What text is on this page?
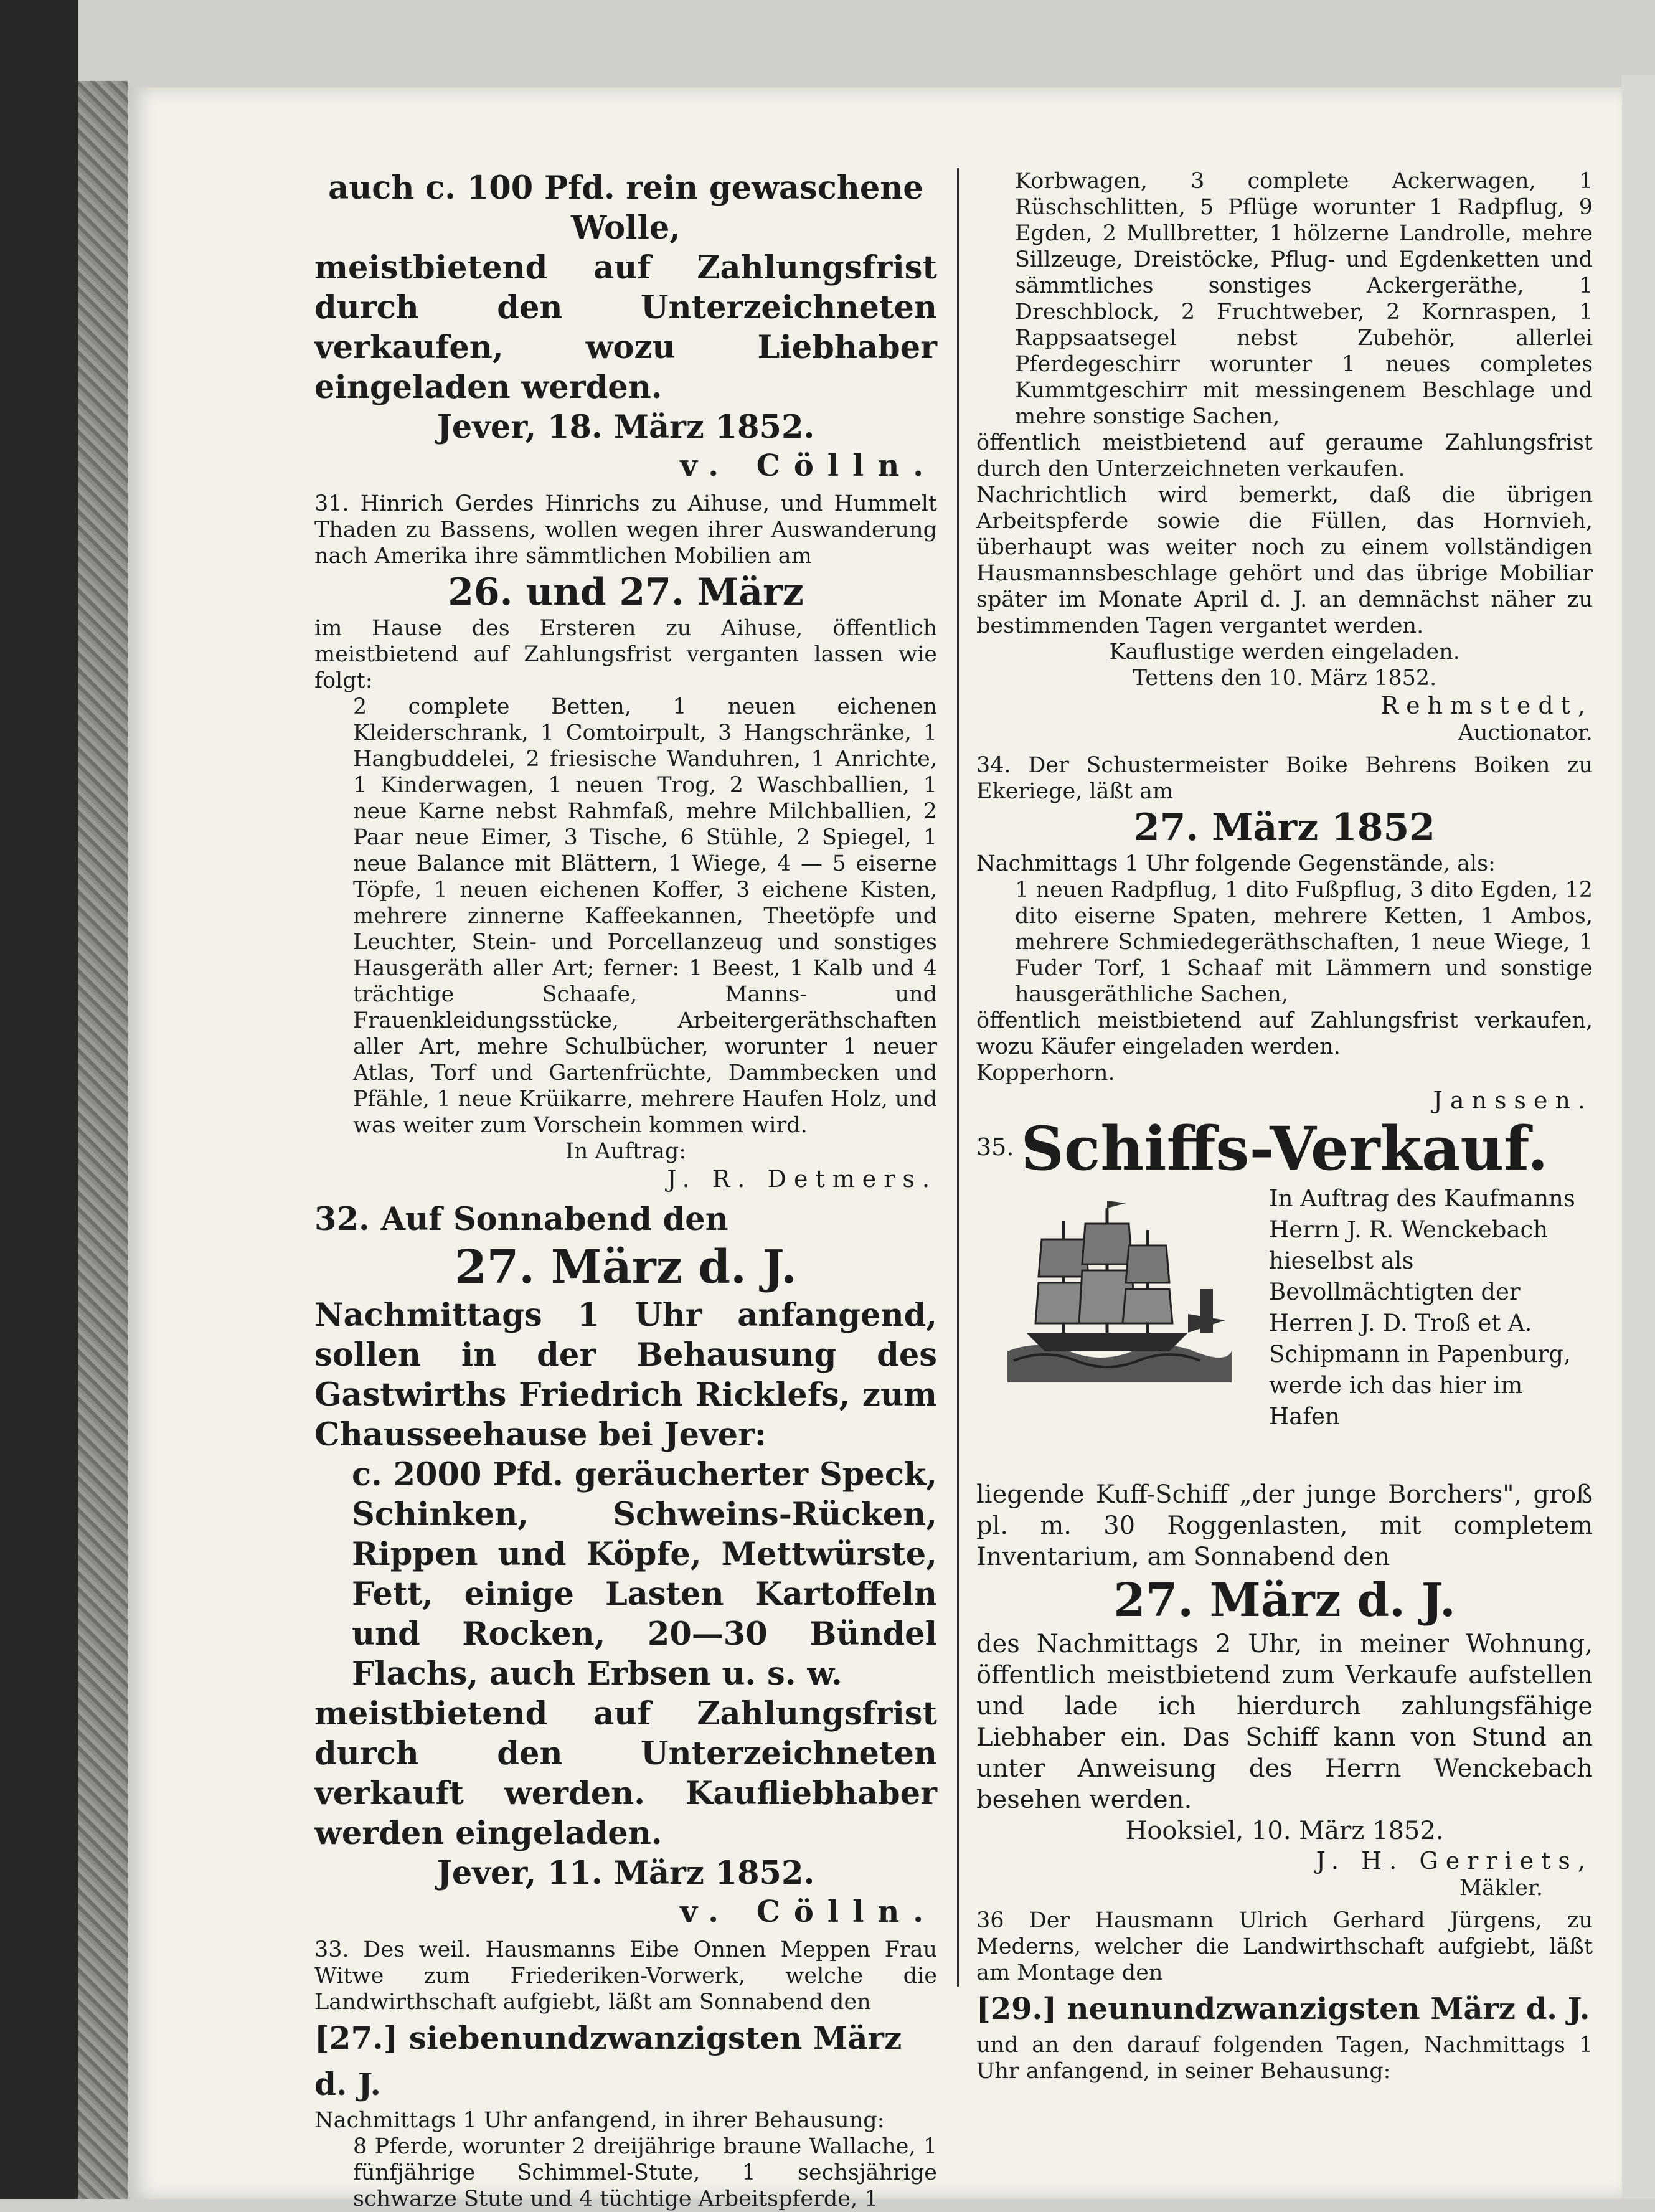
auch c. 100 Pfd. rein gewaschene Wolle,

meistbietend auf Zahlungsfrist durch den Unterzeichneten verkaufen, wozu Liebhaber eingeladen werden.

Jever, 18. März 1852.

v. Cölln.

31. Hinrich Gerdes Hinrichs zu Aihuse, und Hummelt Thaden zu Bassens, wollen wegen ihrer Auswanderung nach Amerika ihre sämmtlichen Mobilien am

26. und 27. März

im Hause des Ersteren zu Aihuse, öffentlich meistbietend auf Zahlungsfrist verganten lassen wie folgt:

2 complete Betten, 1 neuen eichenen Kleiderschrank, 1 Comtoirpult, 3 Hangschränke, 1 Hangbuddelei, 2 friesische Wanduhren, 1 Anrichte, 1 Kinderwagen, 1 neuen Trog, 2 Waschballien, 1 neue Karne nebst Rahmfaß, mehre Milchballien, 2 Paar neue Eimer, 3 Tische, 6 Stühle, 2 Spiegel, 1 neue Balance mit Blättern, 1 Wiege, 4 — 5 eiserne Töpfe, 1 neuen eichenen Koffer, 3 eichene Kisten, mehrere zinnerne Kaffeekannen, Theetöpfe und Leuchter, Stein- und Porcellanzeug und sonstiges Hausgeräth aller Art; ferner: 1 Beest, 1 Kalb und 4 trächtige Schaafe, Manns- und Frauenkleidungsstücke, Arbeitergeräthschaften aller Art, mehre Schulbücher, worunter 1 neuer Atlas, Torf und Gartenfrüchte, Dammbecken und Pfähle, 1 neue Krüikarre, mehrere Haufen Holz, und was weiter zum Vorschein kommen wird.

In Auftrag:

J. R. Detmers.

32. Auf Sonnabend den

27. März d. J.

Nachmittags 1 Uhr anfangend, sollen in der Behausung des Gastwirths Friedrich Ricklefs, zum Chausseehause bei Jever:

c. 2000 Pfd. geräucherter Speck, Schinken, Schweins-Rücken, Rippen und Köpfe, Mettwürste, Fett, einige Lasten Kartoffeln und Rocken, 20—30 Bündel Flachs, auch Erbsen u. s. w.

meistbietend auf Zahlungsfrist durch den Unterzeichneten verkauft werden. Kaufliebhaber werden eingeladen.

Jever, 11. März 1852.

v. Cölln.

33. Des weil. Hausmanns Eibe Onnen Meppen Frau Witwe zum Friederiken-Vorwerk, welche die Landwirthschaft aufgiebt, läßt am Sonnabend den

[27.] siebenundzwanzigsten März d. J.

Nachmittags 1 Uhr anfangend, in ihrer Behausung:

8 Pferde, worunter 2 dreijährige braune Wallache, 1 fünfjährige Schimmel-Stute, 1 sechsjährige schwarze Stute und 4 tüchtige Arbeitspferde, 1

Korbwagen, 3 complete Ackerwagen, 1 Rüschschlitten, 5 Pflüge worunter 1 Radpflug, 9 Egden, 2 Mullbretter, 1 hölzerne Landrolle, mehre Sillzeuge, Dreistöcke, Pflug- und Egdenketten und sämmtliches sonstiges Ackergeräthe, 1 Dreschblock, 2 Fruchtweber, 2 Kornraspen, 1 Rappsaatsegel nebst Zubehör, allerlei Pferdegeschirr worunter 1 neues completes Kummtgeschirr mit messingenem Beschlage und mehre sonstige Sachen,

öffentlich meistbietend auf geraume Zahlungsfrist durch den Unterzeichneten verkaufen.

Nachrichtlich wird bemerkt, daß die übrigen Arbeitspferde sowie die Füllen, das Hornvieh, überhaupt was weiter noch zu einem vollständigen Hausmannsbeschlage gehört und das übrige Mobiliar später im Monate April d. J. an demnächst näher zu bestimmenden Tagen vergantet werden.

Kauflustige werden eingeladen.

Tettens den 10. März 1852.

Rehmstedt,

Auctionator.

34. Der Schustermeister Boike Behrens Boiken zu Ekeriege, läßt am

27. März 1852

Nachmittags 1 Uhr folgende Gegenstände, als:

1 neuen Radpflug, 1 dito Fußpflug, 3 dito Egden, 12 dito eiserne Spaten, mehrere Ketten, 1 Ambos, mehrere Schmiedegeräthschaften, 1 neue Wiege, 1 Fuder Torf, 1 Schaaf mit Lämmern und sonstige hausgeräthliche Sachen,

öffentlich meistbietend auf Zahlungsfrist verkaufen, wozu Käufer eingeladen werden.

Kopperhorn.

Janssen.

35. Schiffs-Verkauf.

In Auftrag des Kaufmanns Herrn J. R. Wenckebach hieselbst als Bevollmächtigten der Herren J. D. Troß et A. Schipmann in Papenburg, werde ich das hier im Hafen

liegende Kuff-Schiff „der junge Borchers", groß pl. m. 30 Roggenlasten, mit completem Inventarium, am Sonnabend den

27. März d. J.

des Nachmittags 2 Uhr, in meiner Wohnung, öffentlich meistbietend zum Verkaufe aufstellen und lade ich hierdurch zahlungsfähige Liebhaber ein. Das Schiff kann von Stund an unter Anweisung des Herrn Wenckebach besehen werden.

Hooksiel, 10. März 1852.

J. H. Gerriets,

Mäkler.

36 Der Hausmann Ulrich Gerhard Jürgens, zu Mederns, welcher die Landwirthschaft aufgiebt, läßt am Montage den

[29.] neunundzwanzigsten März d. J.

und an den darauf folgenden Tagen, Nachmittags 1 Uhr anfangend, in seiner Behausung:
